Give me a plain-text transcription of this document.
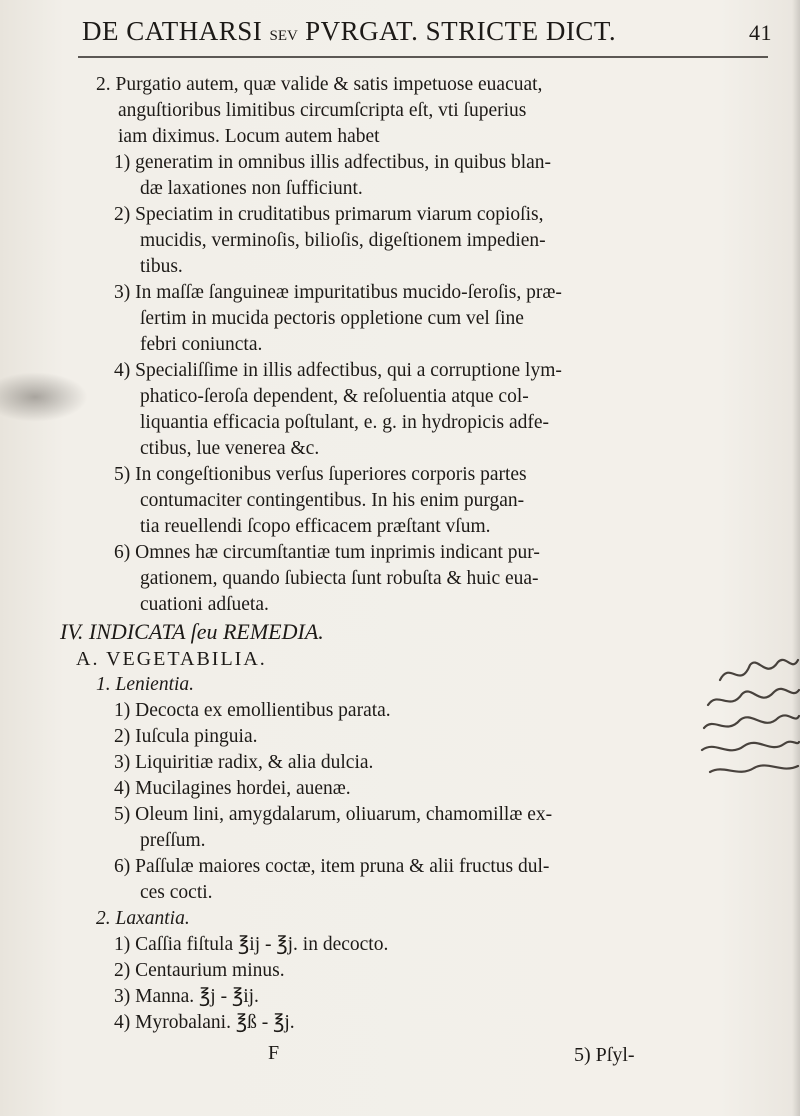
DE CATHARSI SEV PVRGAT. STRICTE DICT.	41
2. Purgatio autem, quæ valide & satis impetuose euacuat,
anguſtioribus limitibus circumſcripta eſt, vti ſuperius
iam diximus. Locum autem habet
1) generatim in omnibus illis adfectibus, in quibus blan-
dæ laxationes non ſufficiunt.
2) Speciatim in cruditatibus primarum viarum copioſis,
mucidis, verminoſis, bilioſis, digeſtionem impedien-
tibus.
3) In maſſæ ſanguineæ impuritatibus mucido-ſeroſis, præ-
ſertim in mucida pectoris oppletione cum vel ſine
febri coniuncta.
4) Specialiſſime in illis adfectibus, qui a corruptione lym-
phatico-ſeroſa dependent, & reſoluentia atque col-
liquantia efficacia poſtulant, e. g. in hydropicis adfe-
ctibus, lue venerea &c.
5) In congeſtionibus verſus ſuperiores corporis partes
contumaciter contingentibus. In his enim purgan-
tia reuellendi ſcopo efficacem præſtant vſum.
6) Omnes hæ circumſtantiæ tum inprimis indicant pur-
gationem, quando ſubiecta ſunt robuſta & huic eua-
cuationi adſueta.
IV. INDICATA ſeu REMEDIA.
A. VEGETABILIA.
1. Lenientia.
1) Decocta ex emollientibus parata.
2) Iuſcula pinguia.
3) Liquiritiæ radix, & alia dulcia.
4) Mucilagines hordei, auenæ.
5) Oleum lini, amygdalarum, oliuarum, chamomillæ ex-
preſſum.
6) Paſſulæ maiores coctæ, item pruna & alii fructus dul-
ces cocti.
2. Laxantia.
1) Caſſia fiſtula ℥ij - ℥j. in decocto.
2) Centaurium minus.
3) Manna. ℥j - ℥ij.
4) Myrobalani. ℥ß - ℥j.
F	5) Pſyl-
